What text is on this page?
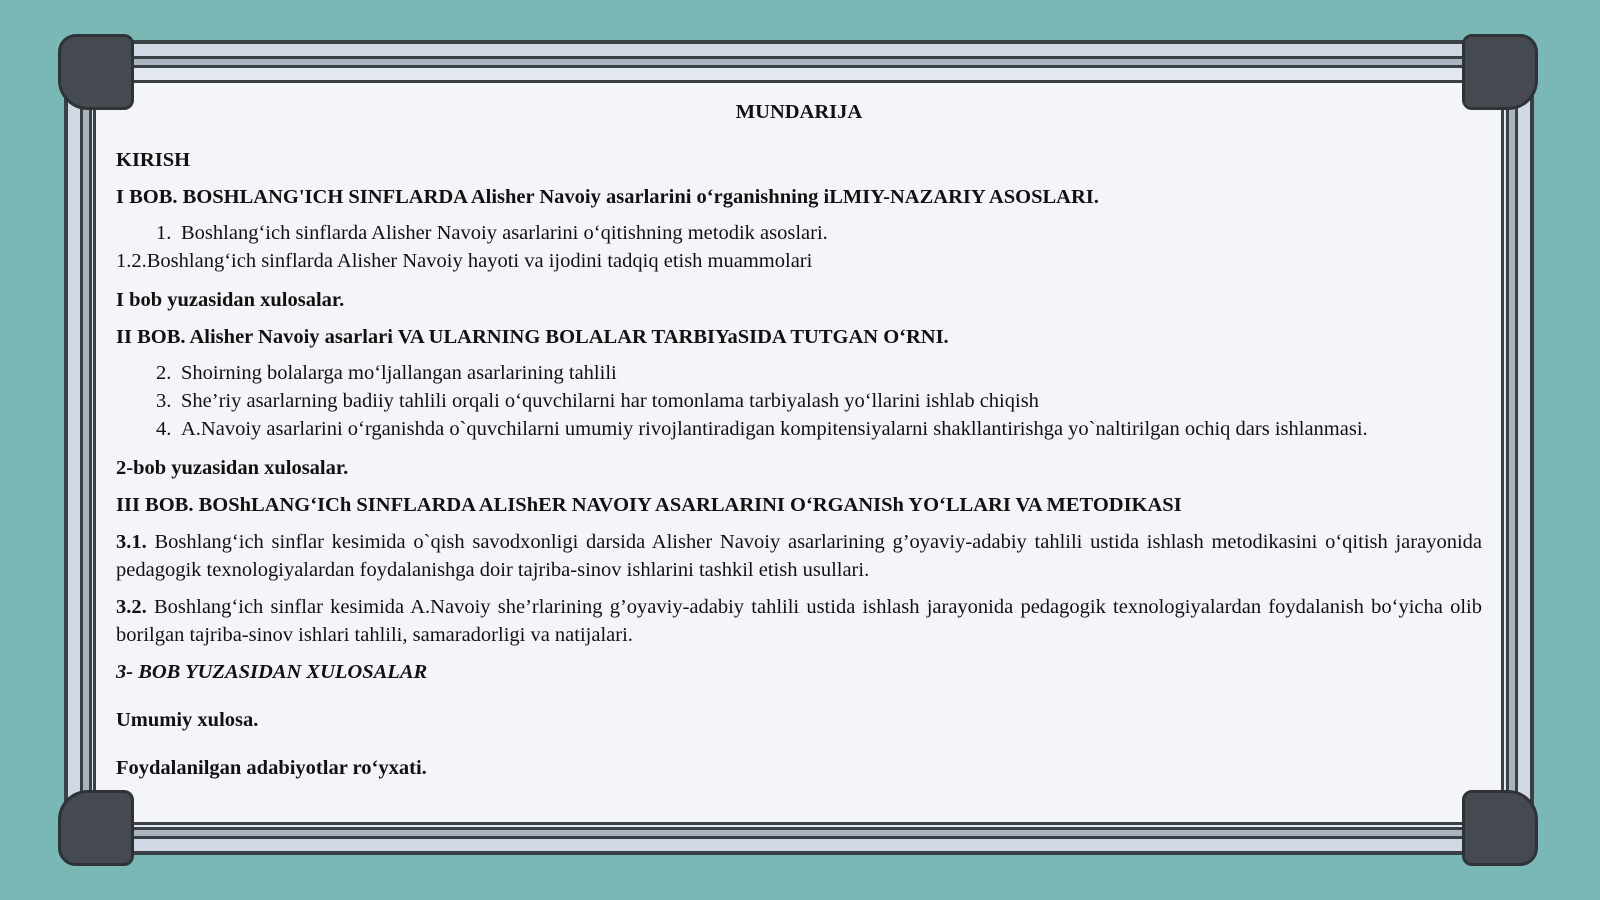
MUNDARIJA

KIRISH

I BOB. BOSHLANG'ICH SINFLARDA Alisher Navoiy asarlarini o‘rganishning iLMIY-NAZARIY ASOSLARI.

1. Boshlang‘ich sinflarda Alisher Navoiy asarlarini o‘qitishning metodik asoslari.

1.2.Boshlang‘ich sinflarda Alisher Navoiy hayoti va ijodini tadqiq etish muammolari

I bob yuzasidan xulosalar.

II BOB. Alisher Navoiy asarlari VA ULARNING BOLALAR TARBIYaSIDA TUTGAN O‘RNI.

2. Shoirning bolalarga mo‘ljallangan asarlarining tahlili

3. She’riy asarlarning badiiy tahlili orqali o‘quvchilarni har tomonlama tarbiyalash yo‘llarini ishlab chiqish

4. A.Navoiy asarlarini o‘rganishda o`quvchilarni umumiy rivojlantiradigan kompitensiyalarni shakllantirishga yo`naltirilgan ochiq dars ishlanmasi.

2-bob yuzasidan xulosalar.

III BOB. BOShLANG‘ICh SINFLARDA ALIShER NAVOIY ASARLARINI O‘RGANISh YO‘LLARI VA METODIKASI

3.1. Boshlang‘ich sinflar kesimida o`qish savodxonligi darsida Alisher Navoiy asarlarining g’oyaviy-adabiy tahlili ustida ishlash metodikasini o‘qitish jarayonida pedagogik texnologiyalardan foydalanishga doir tajriba-sinov ishlarini tashkil etish usullari.

3.2. Boshlang‘ich sinflar kesimida A.Navoiy she’rlarining g’oyaviy-adabiy tahlili ustida ishlash jarayonida pedagogik texnologiyalardan foydalanish bo‘yicha olib borilgan tajriba-sinov ishlari tahlili, samaradorligi va natijalari.

3- BOB YUZASIDAN XULOSALAR

Umumiy xulosa.

Foydalanilgan adabiyotlar ro‘yxati.
